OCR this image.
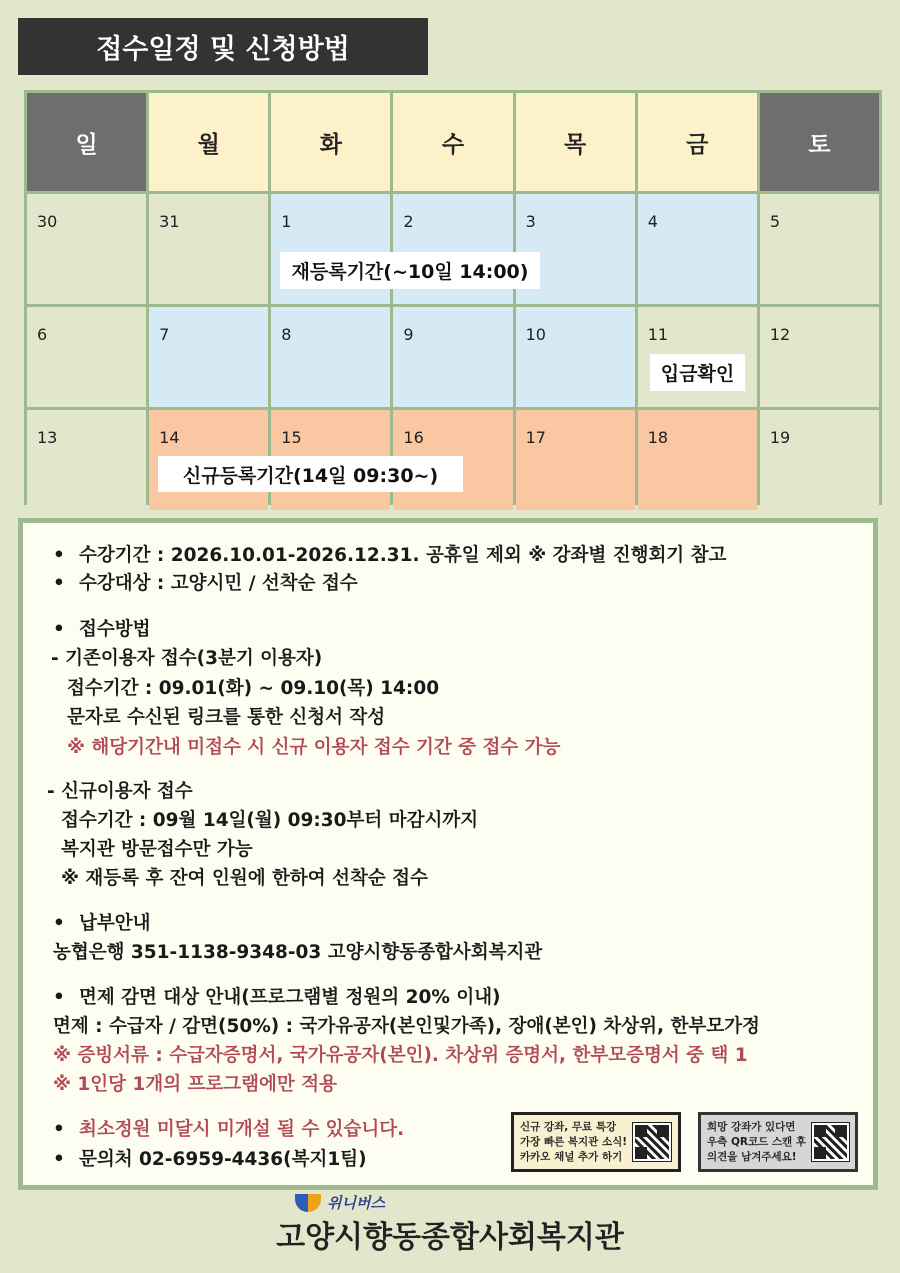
접수일정 및 신청방법
일	월	화	수	목	금	토
30	31	1	2	3	4	5
6	7	8	9	10	11	12
13	14	15	16	17	18	19
재등록기간(~10일 14:00)
입금확인
신규등록기간(14일 09:30~)
• 수강기간 : 2026.10.01-2026.12.31. 공휴일 제외 ※ 강좌별 진행회기 참고
• 수강대상 : 고양시민 / 선착순 접수
• 접수방법
- 기존이용자 접수(3분기 이용자)
접수기간 : 09.01(화) ~ 09.10(목) 14:00
문자로 수신된 링크를 통한 신청서 작성
※ 해당기간내 미접수 시 신규 이용자 접수 기간 중 접수 가능
- 신규이용자 접수
접수기간 : 09월 14일(월) 09:30부터 마감시까지
복지관 방문접수만 가능
※ 재등록 후 잔여 인원에 한하여 선착순 접수
• 납부안내
농협은행 351-1138-9348-03 고양시향동종합사회복지관
• 면제 감면 대상 안내(프로그램별 정원의 20% 이내)
면제 : 수급자 / 감면(50%) : 국가유공자(본인및가족), 장애(본인) 차상위, 한부모가정
※ 증빙서류 : 수급자증명서, 국가유공자(본인). 차상위 증명서, 한부모증명서 중 택 1
※ 1인당 1개의 프로그램에만 적용
• 최소정원 미달시 미개설 될 수 있습니다.
• 문의처 02-6959-4436(복지1팀)
신규 강좌, 무료 특강
가장 빠른 복지관 소식!
카카오 채널 추가 하기
희망 강좌가 있다면
우측 QR코드 스캔 후
의견을 남겨주세요!
위니버스
고양시향동종합사회복지관
